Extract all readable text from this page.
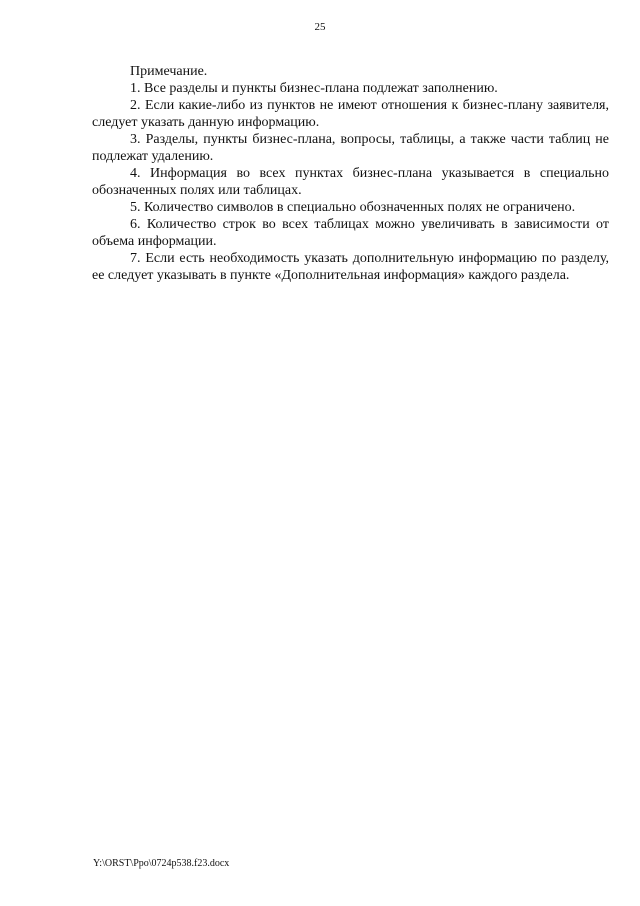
25

Примечание.

1. Все разделы и пункты бизнес-плана подлежат заполнению.

2. Если какие-либо из пунктов не имеют отношения к бизнес-плану заявителя, следует указать данную информацию.

3. Разделы, пункты бизнес-плана, вопросы, таблицы, а также части таблиц не подлежат удалению.

4. Информация во всех пунктах бизнес-плана указывается в специально обозначенных полях или таблицах.

5. Количество символов в специально обозначенных полях не ограничено.

6. Количество строк во всех таблицах можно увеличивать в зависимости от объема информации.

7. Если есть необходимость указать дополнительную информацию по разделу, ее следует указывать в пункте «Дополнительная информация» каждого раздела.

Y:\ORST\Ppo\0724p538.f23.docx
